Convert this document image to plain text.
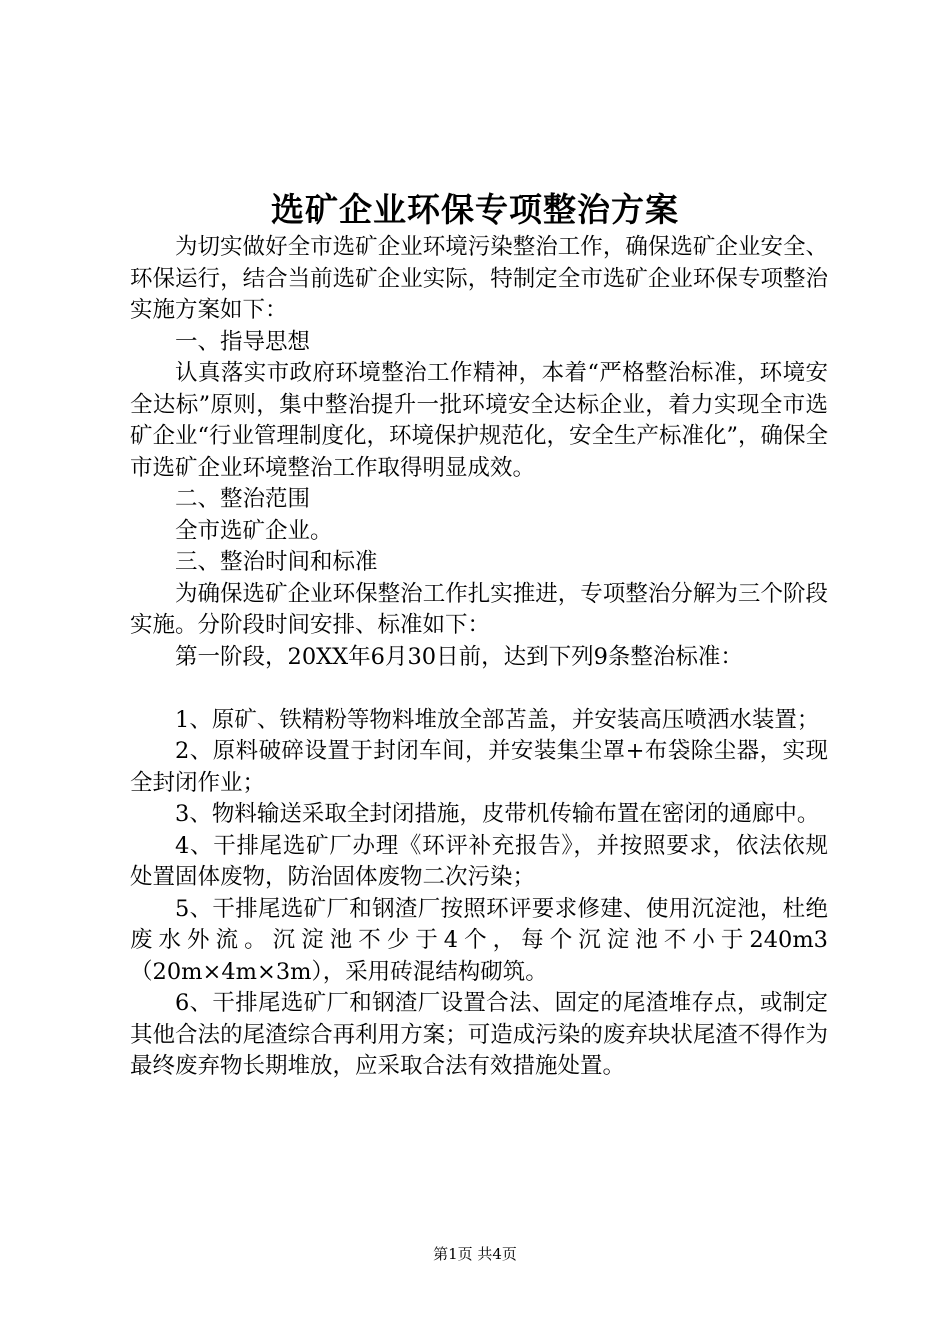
选矿企业环保专项整治方案

为切实做好全市选矿企业环境污染整治工作，确保选矿企业安全、环保运行，结合当前选矿企业实际，特制定全市选矿企业环保专项整治实施方案如下：

一、指导思想

认真落实市政府环境整治工作精神，本着“严格整治标准，环境安全达标”原则，集中整治提升一批环境安全达标企业，着力实现全市选矿企业“行业管理制度化，环境保护规范化，安全生产标准化”，确保全市选矿企业环境整治工作取得明显成效。

二、整治范围

全市选矿企业。

三、整治时间和标准

为确保选矿企业环保整治工作扎实推进，专项整治分解为三个阶段实施。分阶段时间安排、标准如下：

第一阶段，20XX年6月30日前，达到下列9条整治标准：

1、原矿、铁精粉等物料堆放全部苫盖，并安装高压喷洒水装置；

2、原料破碎设置于封闭车间，并安装集尘罩+布袋除尘器，实现全封闭作业；

3、物料输送采取全封闭措施，皮带机传输布置在密闭的通廊中。

4、干排尾选矿厂办理《环评补充报告》，并按照要求，依法依规处置固体废物，防治固体废物二次污染；

5、干排尾选矿厂和钢渣厂按照环评要求修建、使用沉淀池，杜绝废水外流。沉淀池不少于4个，每个沉淀池不小于240m3（20m×4m×3m），采用砖混结构砌筑。

6、干排尾选矿厂和钢渣厂设置合法、固定的尾渣堆存点，或制定其他合法的尾渣综合再利用方案；可造成污染的废弃块状尾渣不得作为最终废弃物长期堆放，应采取合法有效措施处置。

第1页 共4页
